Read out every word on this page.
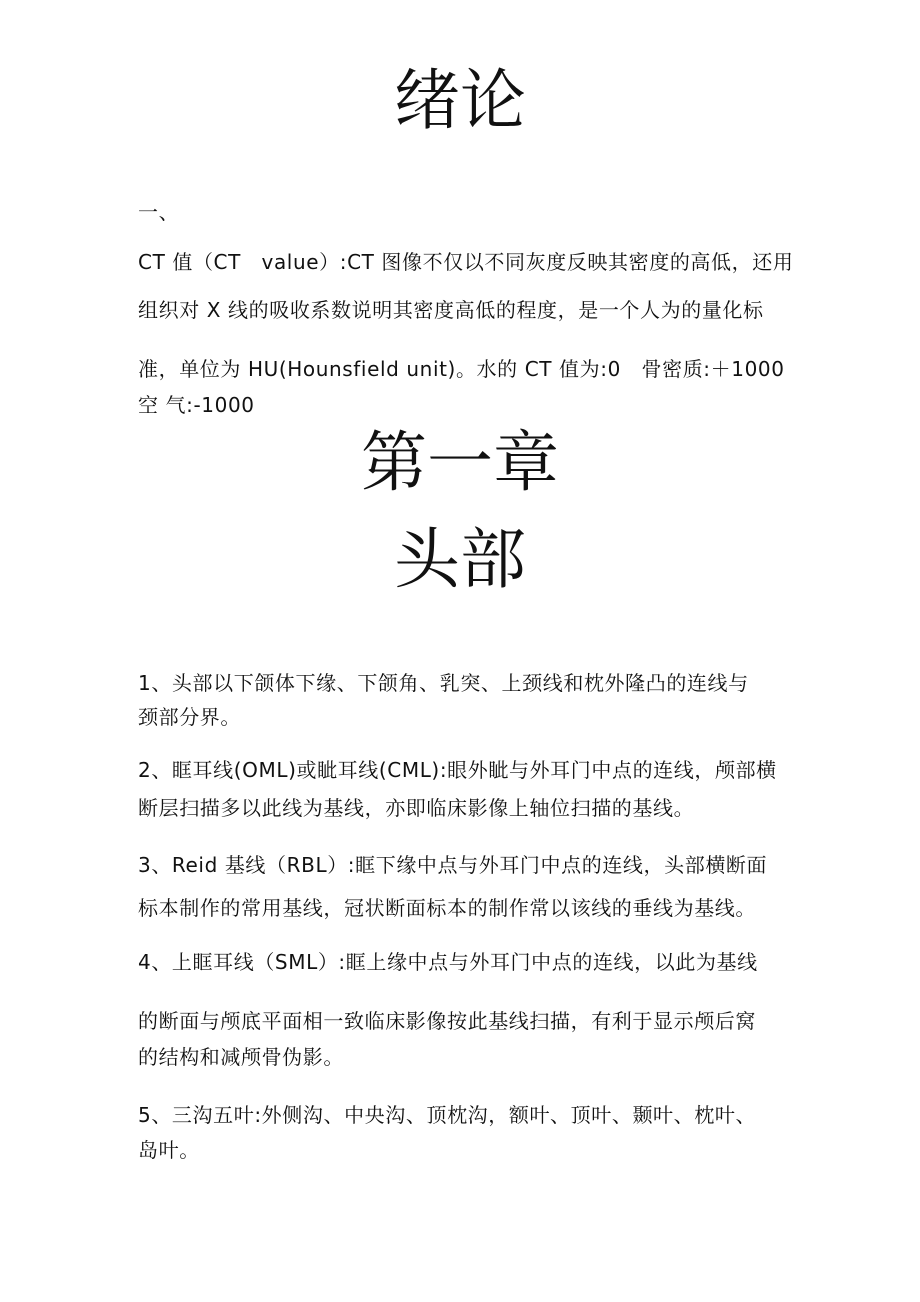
绪论
一、
CT 值（CT　value）:CT 图像不仅以不同灰度反映其密度的高低，还用
组织对 X 线的吸收系数说明其密度高低的程度，是一个人为的量化标
准，单位为 HU(Hounsfield unit)。水的 CT 值为:0　骨密质:＋1000
空 气:-1000
第一章
头部
1、头部以下颌体下缘、下颌角、乳突、上颈线和枕外隆凸的连线与
颈部分界。
2、眶耳线(OML)或眦耳线(CML):眼外眦与外耳门中点的连线，颅部横
断层扫描多以此线为基线，亦即临床影像上轴位扫描的基线。
3、Reid 基线（RBL）:眶下缘中点与外耳门中点的连线，头部横断面
标本制作的常用基线，冠状断面标本的制作常以该线的垂线为基线。
4、上眶耳线（SML）:眶上缘中点与外耳门中点的连线，以此为基线
的断面与颅底平面相一致临床影像按此基线扫描，有利于显示颅后窝
的结构和减颅骨伪影。
5、三沟五叶:外侧沟、中央沟、顶枕沟，额叶、顶叶、颞叶、枕叶、
岛叶。
